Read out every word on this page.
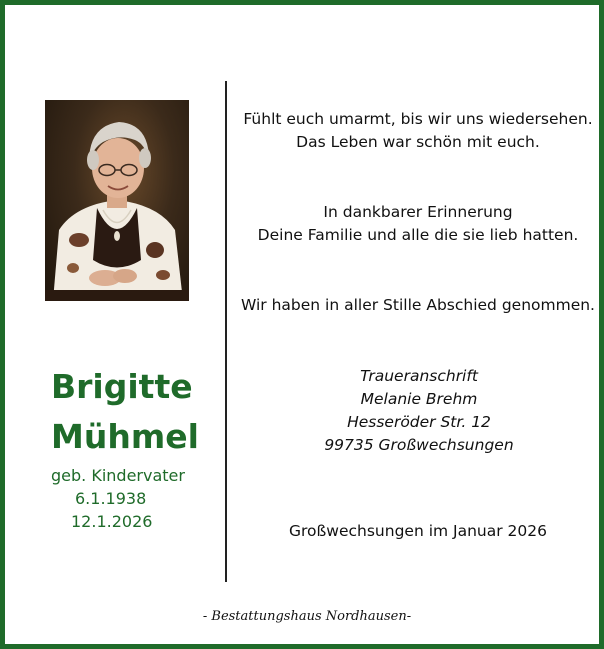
Brigitte
Mühmel
geb. Kindervater
6.1.1938
12.1.2026
Fühlt euch umarmt, bis wir uns wiedersehen.
Das Leben war schön mit euch.
In dankbarer Erinnerung
Deine Familie und alle die sie lieb hatten.
Wir haben in aller Stille Abschied genommen.
Traueranschrift
Melanie Brehm
Hesseröder Str. 12
99735 Großwechsungen
Großwechsungen im Januar 2026
- Bestattungshaus Nordhausen-
